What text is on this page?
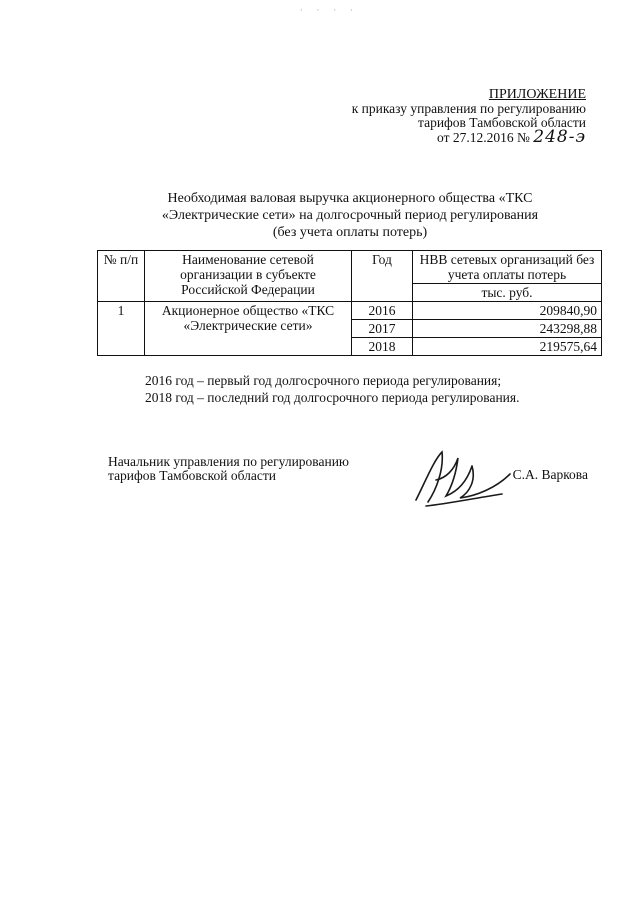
· · · ·
ПРИЛОЖЕНИЕ
к приказу управления по регулированию
тарифов Тамбовской области
от 27.12.2016 № 248-э
Необходимая валовая выручка акционерного общества «ТКС
«Электрические сети» на долгосрочный период регулирования
(без учета оплаты потерь)
№ п/п	Наименование сетевой организации в субъекте Российской Федерации	Год	НВВ сетевых организаций без учета оплаты потерь
			тыс. руб.
1	Акционерное общество «ТКС «Электрические сети»	2016	209840,90
		2017	243298,88
		2018	219575,64
2016 год – первый год долгосрочного периода регулирования;
2018 год – последний год долгосрочного периода регулирования.
Начальник управления по регулированию
тарифов Тамбовской области	С.А. Варкова
